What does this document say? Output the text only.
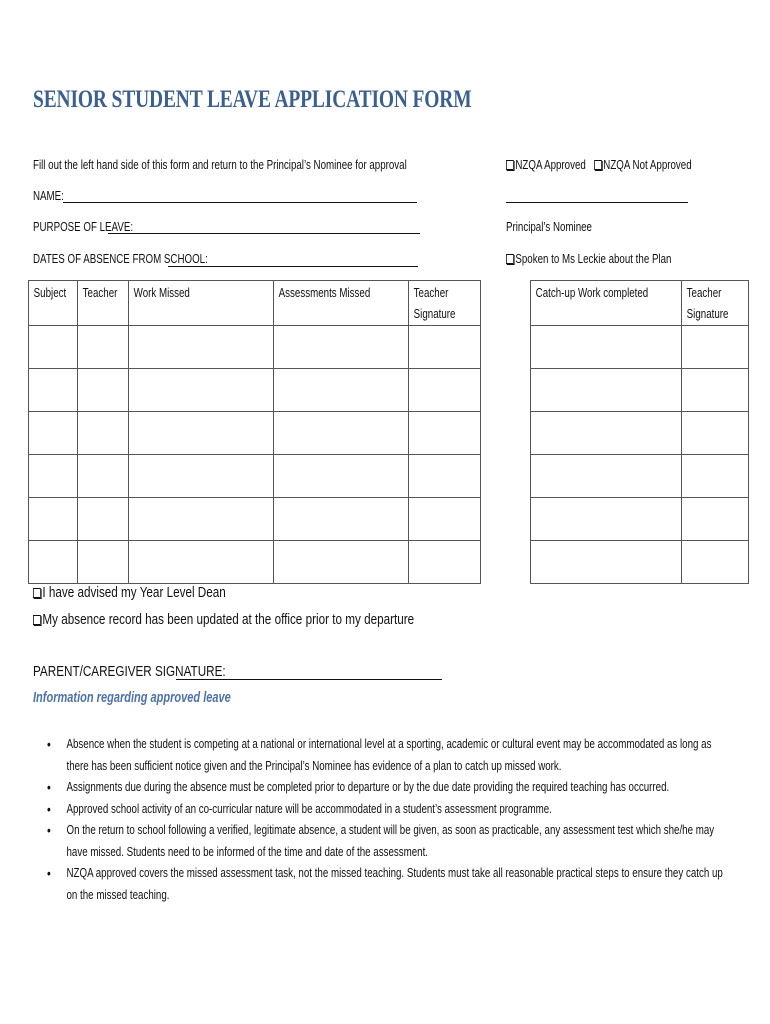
SENIOR STUDENT LEAVE APPLICATION FORM
Fill out the left hand side of this form and return to the Principal’s Nominee for approval	NZQA Approved NZQA Not Approved
NAME:
PURPOSE OF LEAVE:	Principal’s Nominee
DATES OF ABSENCE FROM SCHOOL:	Spoken to Ms Leckie about the Plan
Subject	Teacher	Work Missed	Assessments Missed	Teacher Signature

Catch-up Work completed	Teacher Signature

I have advised my Year Level Dean
My absence record has been updated at the office prior to my departure
PARENT/CAREGIVER SIGNATURE:
Information regarding approved leave
• Absence when the student is competing at a national or international level at a sporting, academic or cultural event may be accommodated as long as there has been sufficient notice given and the Principal’s Nominee has evidence of a plan to catch up missed work.
• Assignments due during the absence must be completed prior to departure or by the due date providing the required teaching has occurred.
• Approved school activity of an co-curricular nature will be accommodated in a student’s assessment programme.
• On the return to school following a verified, legitimate absence, a student will be given, as soon as practicable, any assessment test which she/he may have missed. Students need to be informed of the time and date of the assessment.
• NZQA approved covers the missed assessment task, not the missed teaching. Students must take all reasonable practical steps to ensure they catch up on the missed teaching.
